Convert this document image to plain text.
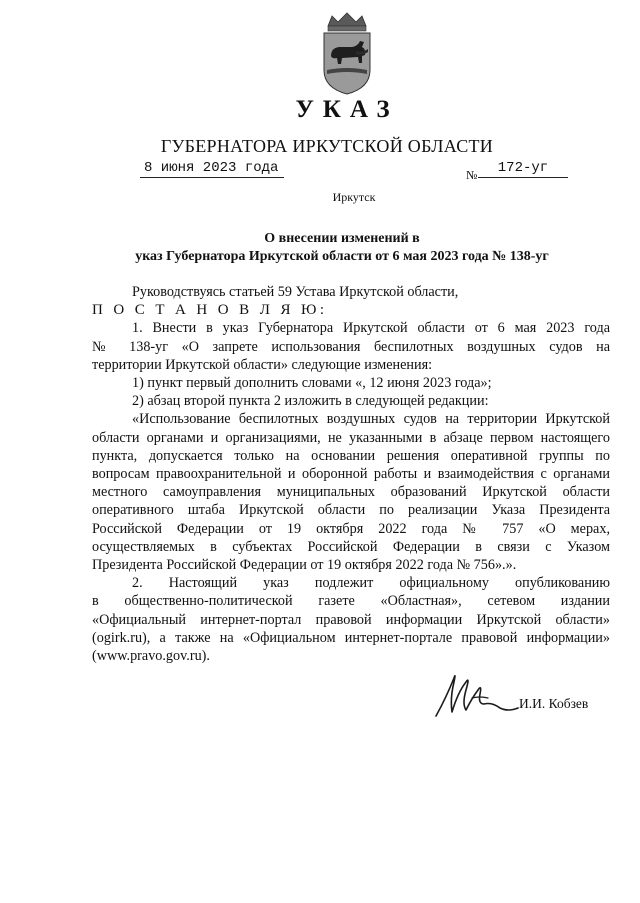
УКАЗ
ГУБЕРНАТОРА ИРКУТСКОЙ ОБЛАСТИ
8 июня 2023 года	№	172-уг
Иркутск
О внесении изменений в
указ Губернатора Иркутской области от 6 мая 2023 года № 138-уг
Руководствуясь статьей 59 Устава Иркутской области,
П О С Т А Н О В Л Я Ю:
1. Внести в указ Губернатора Иркутской области от 6 мая 2023 года
№ 138-уг «О запрете использования беспилотных воздушных судов на
территории Иркутской области» следующие изменения:
1) пункт первый дополнить словами «, 12 июня 2023 года»;
2) абзац второй пункта 2 изложить в следующей редакции:
«Использование беспилотных воздушных судов на территории Иркутской
области органами и организациями, не указанными в абзаце первом настоящего
пункта, допускается только на основании решения оперативной группы по
вопросам правоохранительной и оборонной работы и взаимодействия с органами
местного самоуправления муниципальных образований Иркутской области
оперативного штаба Иркутской области по реализации Указа Президента
Российской Федерации от 19 октября 2022 года № 757 «О мерах,
осуществляемых в субъектах Российской Федерации в связи с Указом
Президента Российской Федерации от 19 октября 2022 года № 756».».
2. Настоящий указ подлежит официальному опубликованию
в общественно-политической газете «Областная», сетевом издании
«Официальный интернет-портал правовой информации Иркутской области»
(ogirk.ru), а также на «Официальном интернет-портале правовой информации»
(www.pravo.gov.ru).
И.И. Кобзев
